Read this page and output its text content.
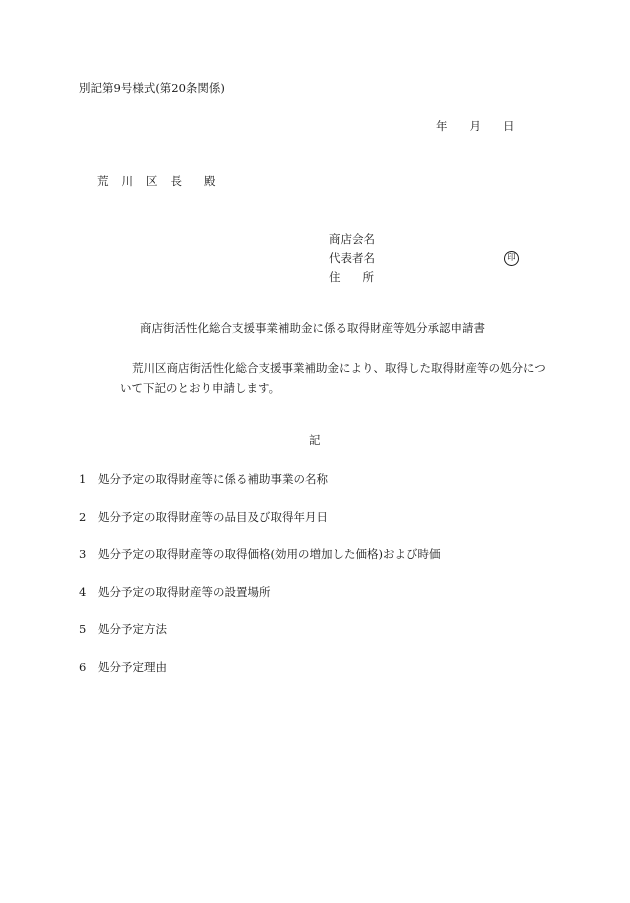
別記第9号様式(第20条関係)
年 月 日
荒 川 区 長 殿
商店会名
代表者名	印
住 所
商店街活性化総合支援事業補助金に係る取得財産等処分承認申請書
荒川区商店街活性化総合支援事業補助金により、取得した取得財産等の処分について下記のとおり申請します。
記
1 処分予定の取得財産等に係る補助事業の名称
2 処分予定の取得財産等の品目及び取得年月日
3 処分予定の取得財産等の取得価格(効用の増加した価格)および時価
4 処分予定の取得財産等の設置場所
5 処分予定方法
6 処分予定理由
